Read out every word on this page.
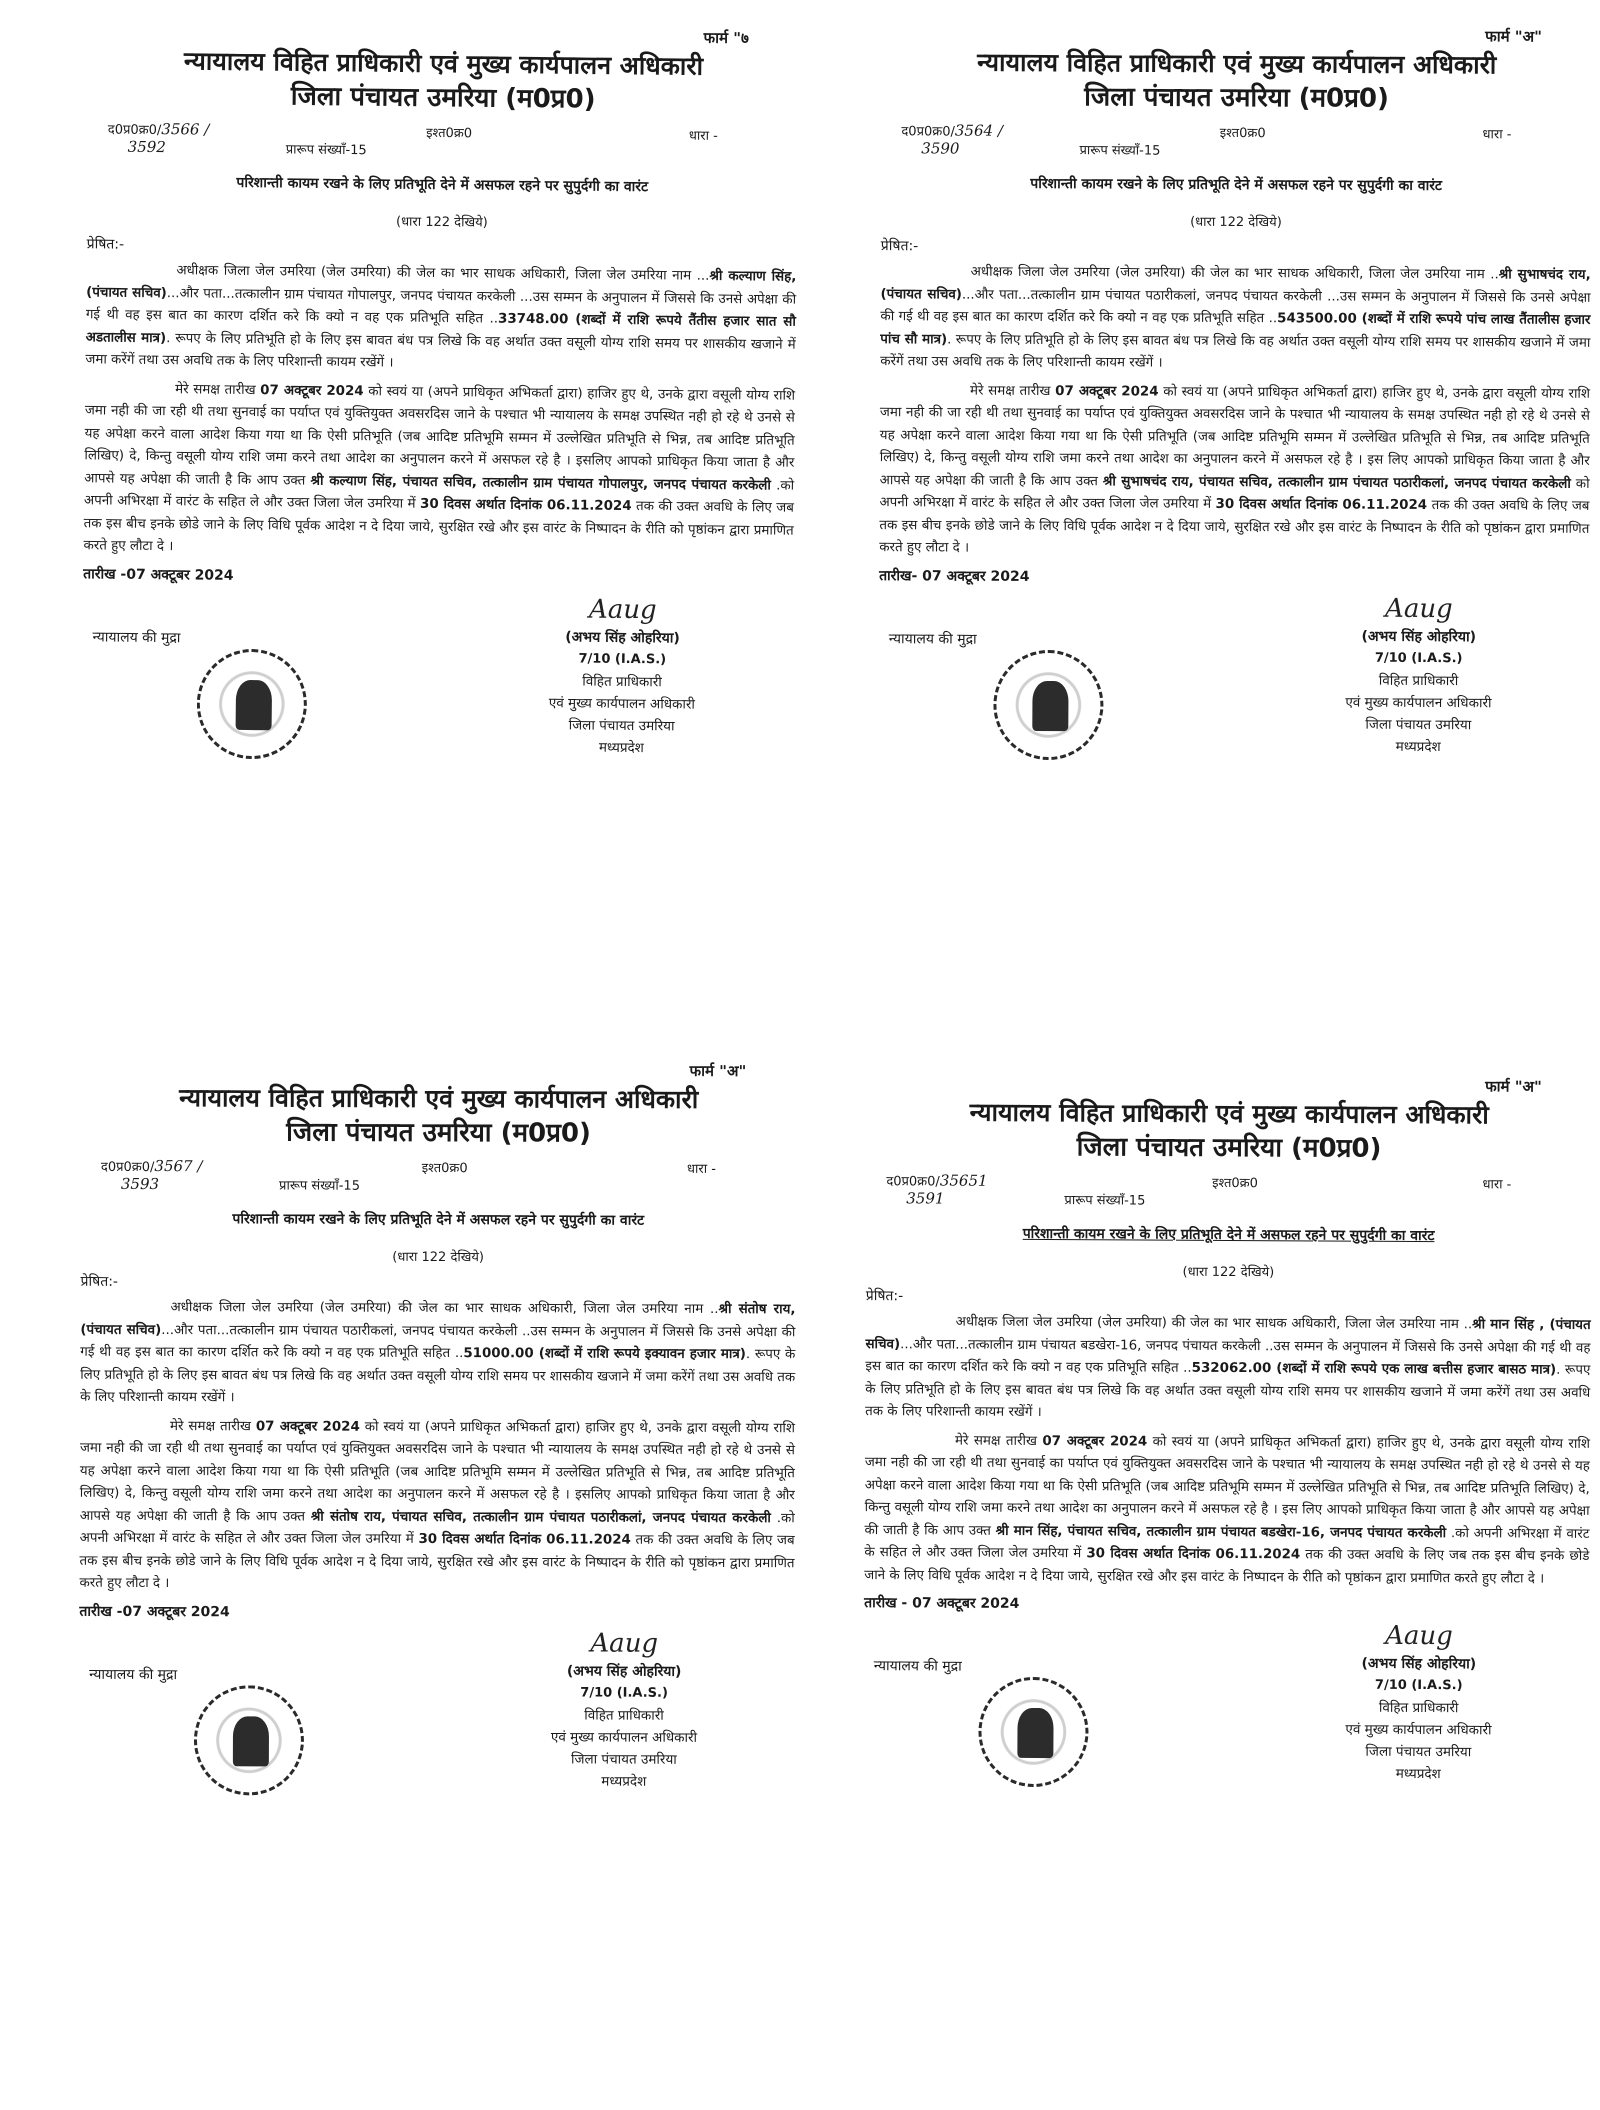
फार्म "७
न्यायालय विहित प्राधिकारी एवं मुख्य कार्यपालन अधिकारी
जिला पंचायत उमरिया (म0प्र0)
द0प्र0क्र0/3566 /	इश्त0क्र0	धारा -
3592	प्रारूप संख्याँ-15
परिशान्ती कायम रखने के लिए प्रतिभूति देने में असफल रहने पर सुपुर्दगी का वारंट
(धारा 122 देखिये)
प्रेषित:-
अधीक्षक जिला जेल उमरिया (जेल उमरिया) की जेल का भार साधक अधिकारी, जिला जेल उमरिया नाम ...श्री कल्याण सिंह, (पंचायत सचिव)...और पता...तत्कालीन ग्राम पंचायत गोपालपुर, जनपद पंचायत करकेली ...उस सम्मन के अनुपालन में जिससे कि उनसे अपेक्षा की गई थी वह इस बात का कारण दर्शित करे कि क्यो न वह एक प्रतिभूति सहित ..33748.00 (शब्दों में राशि रूपये तैंतीस हजार सात सौ अडतालीस मात्र). रूपए के लिए प्रतिभूति हो के लिए इस बावत बंध पत्र लिखे कि वह अर्थात उक्त वसूली योग्य राशि समय पर शासकीय खजाने में जमा करेंगें तथा उस अवधि तक के लिए परिशान्ती कायम रखेंगें ।
मेरे समक्ष तारीख 07 अक्टूबर 2024 को स्वयं या (अपने प्राधिकृत अभिकर्ता द्वारा) हाजिर हुए थे, उनके द्वारा वसूली योग्य राशि जमा नही की जा रही थी तथा सुनवाई का पर्याप्त एवं युक्तियुक्त अवसरदिस जाने के पश्चात भी न्यायालय के समक्ष उपस्थित नही हो रहे थे उनसे से यह अपेक्षा करने वाला आदेश किया गया था कि ऐसी प्रतिभूति (जब आदिष्ट प्रतिभूमि सम्मन में उल्लेखित प्रतिभूति से भिन्न, तब आदिष्ट प्रतिभूति लिखिए) दे, किन्तु वसूली योग्य राशि जमा करने तथा आदेश का अनुपालन करने में असफल रहे है । इसलिए आपको प्राधिकृत किया जाता है और आपसे यह अपेक्षा की जाती है कि आप उक्त श्री कल्याण सिंह, पंचायत सचिव, तत्कालीन ग्राम पंचायत गोपालपुर, जनपद पंचायत करकेली .को अपनी अभिरक्षा में वारंट के सहित ले और उक्त जिला जेल उमरिया में 30 दिवस अर्थात दिनांक 06.11.2024 तक की उक्त अवधि के लिए जब तक इस बीच इनके छोडे जाने के लिए विधि पूर्वक आदेश न दे दिया जाये, सुरक्षित रखे और इस वारंट के निष्पादन के रीति को पृष्ठांकन द्वारा प्रमाणित करते हुए लौटा दे ।
तारीख -07 अक्टूबर 2024
न्यायालय की मुद्रा
Aaug
(अभय सिंह ओहरिया)
7/10 (I.A.S.)
विहित प्राधिकारी
एवं मुख्य कार्यपालन अधिकारी
जिला पंचायत उमरिया
मध्यप्रदेश
फार्म "अ"
न्यायालय विहित प्राधिकारी एवं मुख्य कार्यपालन अधिकारी
जिला पंचायत उमरिया (म0प्र0)
द0प्र0क्र0/3564 /	इश्त0क्र0	धारा -
3590	प्रारूप संख्याँ-15
परिशान्ती कायम रखने के लिए प्रतिभूति देने में असफल रहने पर सुपुर्दगी का वारंट
(धारा 122 देखिये)
प्रेषित:-
अधीक्षक जिला जेल उमरिया (जेल उमरिया) की जेल का भार साधक अधिकारी, जिला जेल उमरिया नाम ..श्री सुभाषचंद राय, (पंचायत सचिव)...और पता...तत्कालीन ग्राम पंचायत पठारीकलां, जनपद पंचायत करकेली ...उस सम्मन के अनुपालन में जिससे कि उनसे अपेक्षा की गई थी वह इस बात का कारण दर्शित करे कि क्यो न वह एक प्रतिभूति सहित ..543500.00 (शब्दों में राशि रूपये पांच लाख तैंतालीस हजार पांच सौ मात्र). रूपए के लिए प्रतिभूति हो के लिए इस बावत बंध पत्र लिखे कि वह अर्थात उक्त वसूली योग्य राशि समय पर शासकीय खजाने में जमा करेंगें तथा उस अवधि तक के लिए परिशान्ती कायम रखेंगें ।
मेरे समक्ष तारीख 07 अक्टूबर 2024 को स्वयं या (अपने प्राधिकृत अभिकर्ता द्वारा) हाजिर हुए थे, उनके द्वारा वसूली योग्य राशि जमा नही की जा रही थी तथा सुनवाई का पर्याप्त एवं युक्तियुक्त अवसरदिस जाने के पश्चात भी न्यायालय के समक्ष उपस्थित नही हो रहे थे उनसे से यह अपेक्षा करने वाला आदेश किया गया था कि ऐसी प्रतिभूति (जब आदिष्ट प्रतिभूमि सम्मन में उल्लेखित प्रतिभूति से भिन्न, तब आदिष्ट प्रतिभूति लिखिए) दे, किन्तु वसूली योग्य राशि जमा करने तथा आदेश का अनुपालन करने में असफल रहे है । इस लिए आपको प्राधिकृत किया जाता है और आपसे यह अपेक्षा की जाती है कि आप उक्त श्री सुभाषचंद राय, पंचायत सचिव, तत्कालीन ग्राम पंचायत पठारीकलां, जनपद पंचायत करकेली को अपनी अभिरक्षा में वारंट के सहित ले और उक्त जिला जेल उमरिया में 30 दिवस अर्थात दिनांक 06.11.2024 तक की उक्त अवधि के लिए जब तक इस बीच इनके छोडे जाने के लिए विधि पूर्वक आदेश न दे दिया जाये, सुरक्षित रखे और इस वारंट के निष्पादन के रीति को पृष्ठांकन द्वारा प्रमाणित करते हुए लौटा दे ।
तारीख- 07 अक्टूबर 2024
न्यायालय की मुद्रा
Aaug
(अभय सिंह ओहरिया)
7/10 (I.A.S.)
विहित प्राधिकारी
एवं मुख्य कार्यपालन अधिकारी
जिला पंचायत उमरिया
मध्यप्रदेश
फार्म "अ"
न्यायालय विहित प्राधिकारी एवं मुख्य कार्यपालन अधिकारी
जिला पंचायत उमरिया (म0प्र0)
द0प्र0क्र0/3567 /	इश्त0क्र0	धारा -
3593	प्रारूप संख्याँ-15
परिशान्ती कायम रखने के लिए प्रतिभूति देने में असफल रहने पर सुपुर्दगी का वारंट
(धारा 122 देखिये)
प्रेषित:-
अधीक्षक जिला जेल उमरिया (जेल उमरिया) की जेल का भार साधक अधिकारी, जिला जेल उमरिया नाम ..श्री संतोष राय, (पंचायत सचिव)...और पता...तत्कालीन ग्राम पंचायत पठारीकलां, जनपद पंचायत करकेली ..उस सम्मन के अनुपालन में जिससे कि उनसे अपेक्षा की गई थी वह इस बात का कारण दर्शित करे कि क्यो न वह एक प्रतिभूति सहित ..51000.00 (शब्दों में राशि रूपये इक्यावन हजार मात्र). रूपए के लिए प्रतिभूति हो के लिए इस बावत बंध पत्र लिखे कि वह अर्थात उक्त वसूली योग्य राशि समय पर शासकीय खजाने में जमा करेंगें तथा उस अवधि तक के लिए परिशान्ती कायम रखेंगें ।
मेरे समक्ष तारीख 07 अक्टूबर 2024 को स्वयं या (अपने प्राधिकृत अभिकर्ता द्वारा) हाजिर हुए थे, उनके द्वारा वसूली योग्य राशि जमा नही की जा रही थी तथा सुनवाई का पर्याप्त एवं युक्तियुक्त अवसरदिस जाने के पश्चात भी न्यायालय के समक्ष उपस्थित नही हो रहे थे उनसे से यह अपेक्षा करने वाला आदेश किया गया था कि ऐसी प्रतिभूति (जब आदिष्ट प्रतिभूमि सम्मन में उल्लेखित प्रतिभूति से भिन्न, तब आदिष्ट प्रतिभूति लिखिए) दे, किन्तु वसूली योग्य राशि जमा करने तथा आदेश का अनुपालन करने में असफल रहे है । इसलिए आपको प्राधिकृत किया जाता है और आपसे यह अपेक्षा की जाती है कि आप उक्त श्री संतोष राय, पंचायत सचिव, तत्कालीन ग्राम पंचायत पठारीकलां, जनपद पंचायत करकेली .को अपनी अभिरक्षा में वारंट के सहित ले और उक्त जिला जेल उमरिया में 30 दिवस अर्थात दिनांक 06.11.2024 तक की उक्त अवधि के लिए जब तक इस बीच इनके छोडे जाने के लिए विधि पूर्वक आदेश न दे दिया जाये, सुरक्षित रखे और इस वारंट के निष्पादन के रीति को पृष्ठांकन द्वारा प्रमाणित करते हुए लौटा दे ।
तारीख -07 अक्टूबर 2024
न्यायालय की मुद्रा
Aaug
(अभय सिंह ओहरिया)
7/10 (I.A.S.)
विहित प्राधिकारी
एवं मुख्य कार्यपालन अधिकारी
जिला पंचायत उमरिया
मध्यप्रदेश
फार्म "अ"
न्यायालय विहित प्राधिकारी एवं मुख्य कार्यपालन अधिकारी
जिला पंचायत उमरिया (म0प्र0)
द0प्र0क्र0/35651	इश्त0क्र0	धारा -
3591	प्रारूप संख्याँ-15
परिशान्ती कायम रखने के लिए प्रतिभूति देने में असफल रहने पर सुपुर्दगी का वारंट
(धारा 122 देखिये)
प्रेषित:-
अधीक्षक जिला जेल उमरिया (जेल उमरिया) की जेल का भार साधक अधिकारी, जिला जेल उमरिया नाम ..श्री मान सिंह , (पंचायत सचिव)...और पता...तत्कालीन ग्राम पंचायत बडखेरा-16, जनपद पंचायत करकेली ..उस सम्मन के अनुपालन में जिससे कि उनसे अपेक्षा की गई थी वह इस बात का कारण दर्शित करे कि क्यो न वह एक प्रतिभूति सहित ..532062.00 (शब्दों में राशि रूपये एक लाख बत्तीस हजार बासठ मात्र). रूपए के लिए प्रतिभूति हो के लिए इस बावत बंध पत्र लिखे कि वह अर्थात उक्त वसूली योग्य राशि समय पर शासकीय खजाने में जमा करेंगें तथा उस अवधि तक के लिए परिशान्ती कायम रखेंगें ।
मेरे समक्ष तारीख 07 अक्टूबर 2024 को स्वयं या (अपने प्राधिकृत अभिकर्ता द्वारा) हाजिर हुए थे, उनके द्वारा वसूली योग्य राशि जमा नही की जा रही थी तथा सुनवाई का पर्याप्त एवं युक्तियुक्त अवसरदिस जाने के पश्चात भी न्यायालय के समक्ष उपस्थित नही हो रहे थे उनसे से यह अपेक्षा करने वाला आदेश किया गया था कि ऐसी प्रतिभूति (जब आदिष्ट प्रतिभूमि सम्मन में उल्लेखित प्रतिभूति से भिन्न, तब आदिष्ट प्रतिभूति लिखिए) दे, किन्तु वसूली योग्य राशि जमा करने तथा आदेश का अनुपालन करने में असफल रहे है । इस लिए आपको प्राधिकृत किया जाता है और आपसे यह अपेक्षा की जाती है कि आप उक्त श्री मान सिंह, पंचायत सचिव, तत्कालीन ग्राम पंचायत बडखेरा-16, जनपद पंचायत करकेली .को अपनी अभिरक्षा में वारंट के सहित ले और उक्त जिला जेल उमरिया में 30 दिवस अर्थात दिनांक 06.11.2024 तक की उक्त अवधि के लिए जब तक इस बीच इनके छोडे जाने के लिए विधि पूर्वक आदेश न दे दिया जाये, सुरक्षित रखे और इस वारंट के निष्पादन के रीति को पृष्ठांकन द्वारा प्रमाणित करते हुए लौटा दे ।
तारीख - 07 अक्टूबर 2024
न्यायालय की मुद्रा
Aaug
(अभय सिंह ओहरिया)
7/10 (I.A.S.)
विहित प्राधिकारी
एवं मुख्य कार्यपालन अधिकारी
जिला पंचायत उमरिया
मध्यप्रदेश
